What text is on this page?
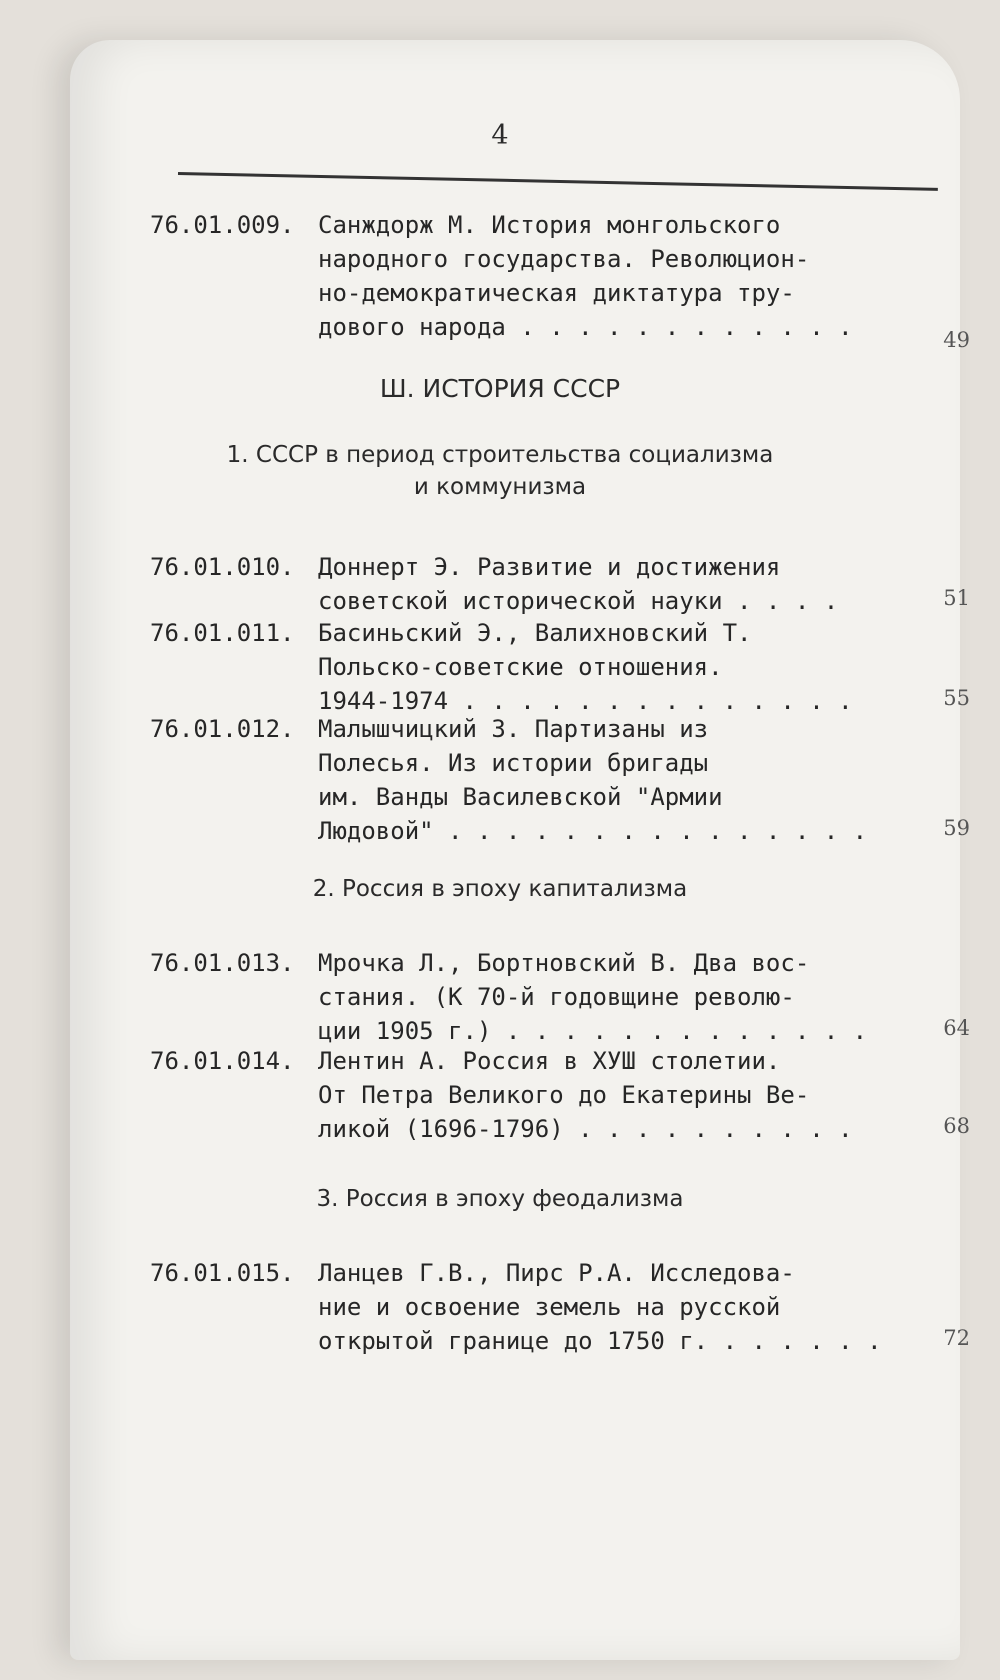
4
76.01.009. Санждорж М. История монгольского
народного государства. Революцион-
но-демократическая диктатура тру-
дового народа . . . . . . . . . . . .	49
Ш. ИСТОРИЯ СССР
1. СССР в период строительства социализма
и коммунизма
76.01.010. Доннерт Э. Развитие и достижения
советской исторической науки . . . .	51
76.01.011. Басиньский Э., Валихновский Т.
Польско-советские отношения.
1944-1974 . . . . . . . . . . . . . .	55
76.01.012. Малышчицкий З. Партизаны из
Полесья. Из истории бригады
им. Ванды Василевской "Армии
Людовой" . . . . . . . . . . . . . . .	59
2. Россия в эпоху капитализма
76.01.013. Мрочка Л., Бортновский В. Два вос-
стания. (К 70-й годовщине револю-
ции 1905 г.) . . . . . . . . . . . . .	64
76.01.014. Лентин А. Россия в ХУШ столетии.
От Петра Великого до Екатерины Ве-
ликой (1696-1796) . . . . . . . . . .	68
3. Россия в эпоху феодализма
76.01.015. Ланцев Г.В., Пирс Р.А. Исследова-
ние и освоение земель на русской
открытой границе до 1750 г. . . . . . .	72
